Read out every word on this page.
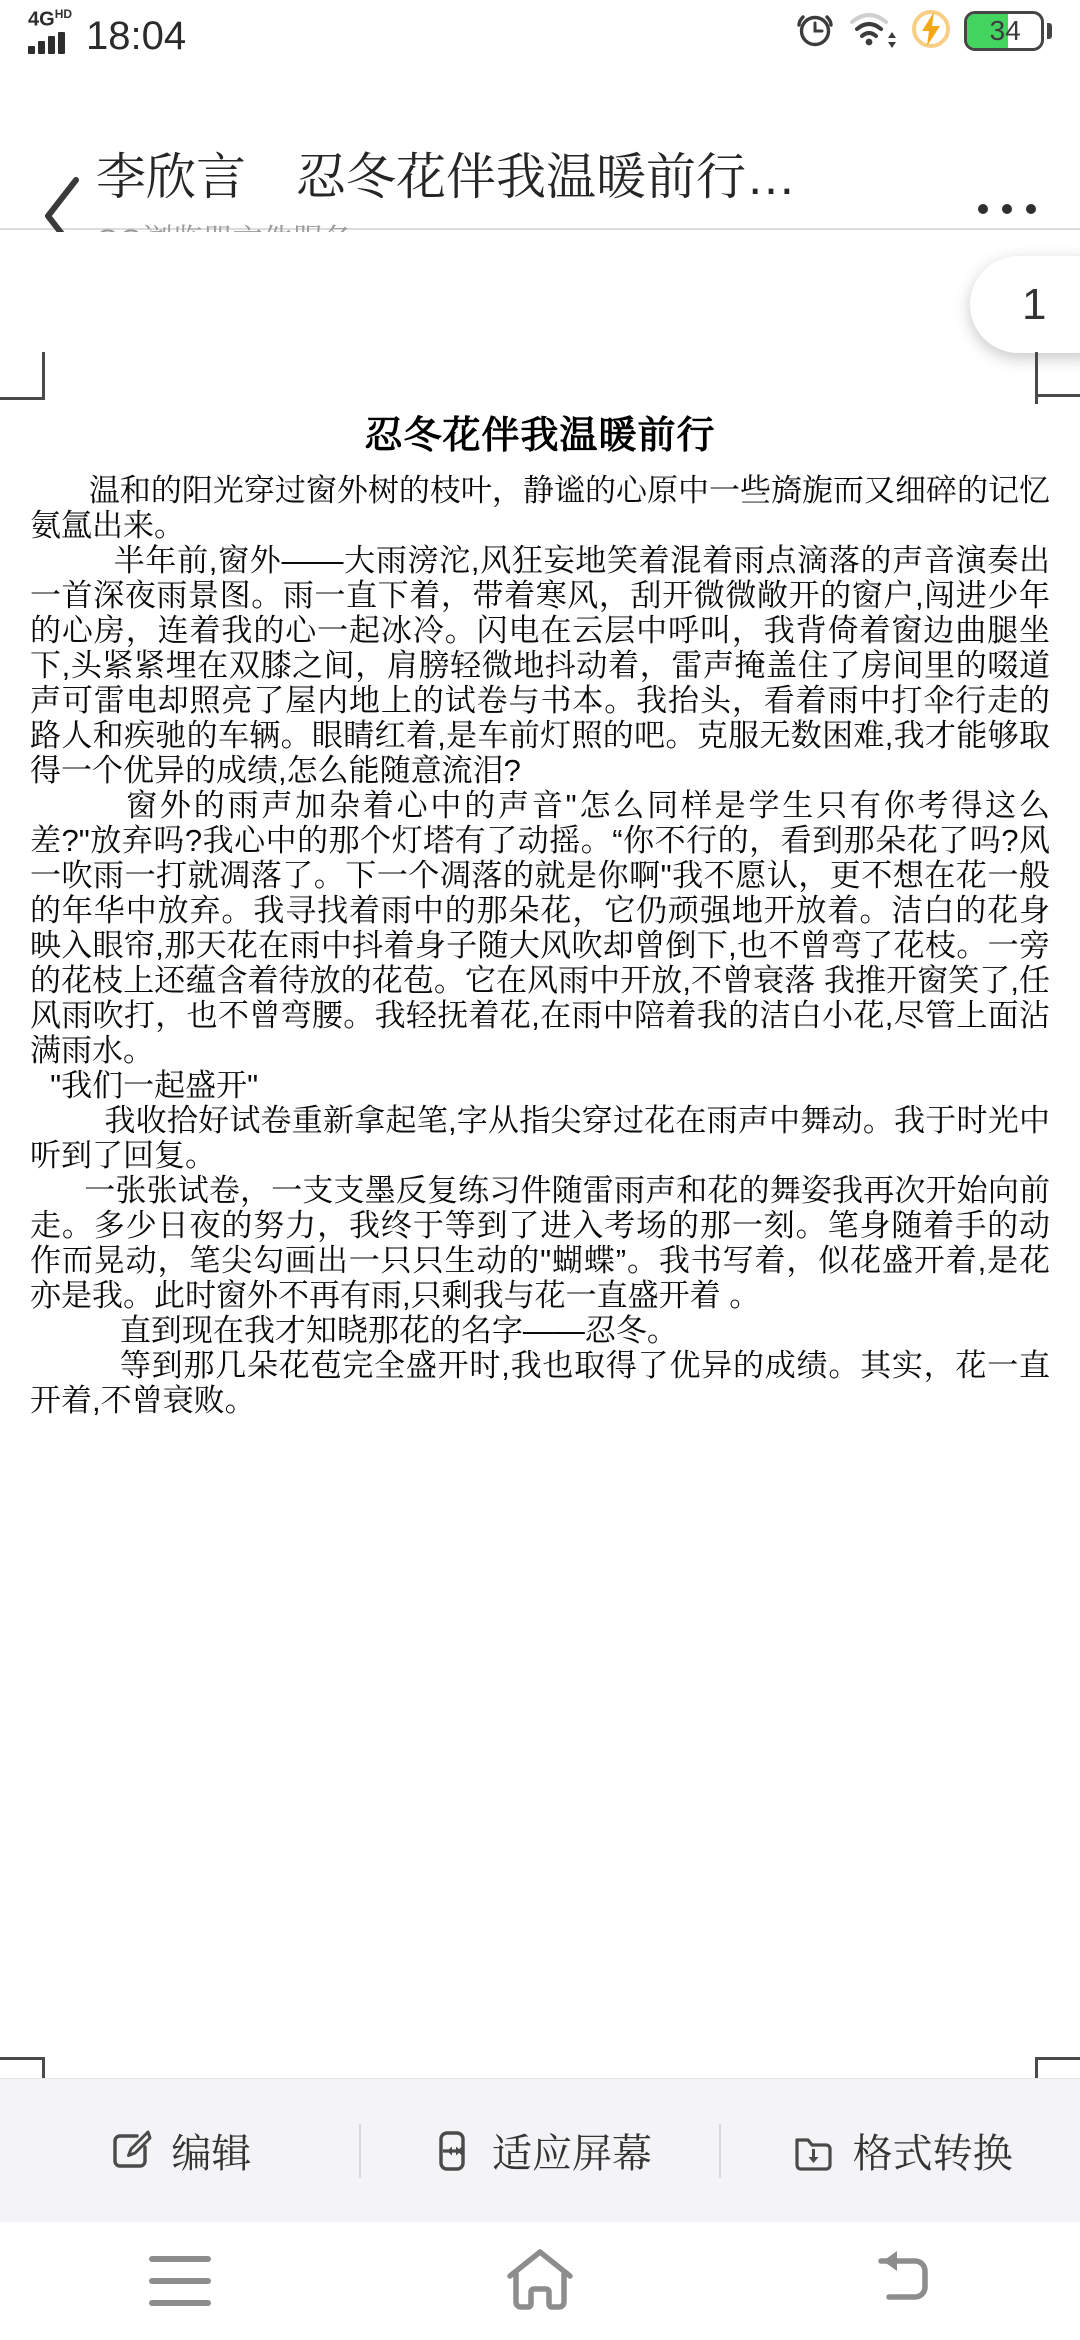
$4G^{HD}$ 18:04	34
李欣言　忍冬花伴我温暖前行…
1
忍冬花伴我温暖前行

温和的阳光穿过窗外树的枝叶，静谧的心原中一些旖旎而又细碎的记忆氨氲出来。

半年前,窗外——大雨滂沱,风狂妄地笑着混着雨点滴落的声音演奏出一首深夜雨景图。雨一直下着，带着寒风，刮开微微敞开的窗户,闯进少年的心房，连着我的心一起冰冷。闪电在云层中呼叫，我背倚着窗边曲腿坐下,头紧紧埋在双膝之间，肩膀轻微地抖动着，雷声掩盖住了房间里的啜道声可雷电却照亮了屋内地上的试卷与书本。我抬头，看着雨中打伞行走的路人和疾驰的车辆。眼睛红着,是车前灯照的吧。克服无数困难,我才能够取得一个优异的成绩,怎么能随意流泪?

窗外的雨声加杂着心中的声音"怎么同样是学生只有你考得这么差?"放弃吗?我心中的那个灯塔有了动摇。“你不行的，看到那朵花了吗?风一吹雨一打就凋落了。下一个凋落的就是你啊"我不愿认，更不想在花一般的年华中放弃。我寻找着雨中的那朵花，它仍顽强地开放着。洁白的花身映入眼帘,那天花在雨中抖着身子随大风吹却曾倒下,也不曾弯了花枝。一旁的花枝上还蕴含着待放的花苞。它在风雨中开放,不曾衰落 我推开窗笑了,任风雨吹打，也不曾弯腰。我轻抚着花,在雨中陪着我的洁白小花,尽管上面沾满雨水。

"我们一起盛开"

我收拾好试卷重新拿起笔,字从指尖穿过花在雨声中舞动。我于时光中听到了回复。

一张张试卷，一支支墨反复练习件随雷雨声和花的舞姿我再次开始向前走。多少日夜的努力，我终于等到了进入考场的那一刻。笔身随着手的动作而晃动，笔尖勾画出一只只生动的"蝴蝶”。我书写着，似花盛开着,是花亦是我。此时窗外不再有雨,只剩我与花一直盛开着 。

直到现在我才知晓那花的名字——忍冬。

等到那几朵花苞完全盛开时,我也取得了优异的成绩。其实，花一直开着,不曾衰败。

编辑	适应屏幕	格式转换
